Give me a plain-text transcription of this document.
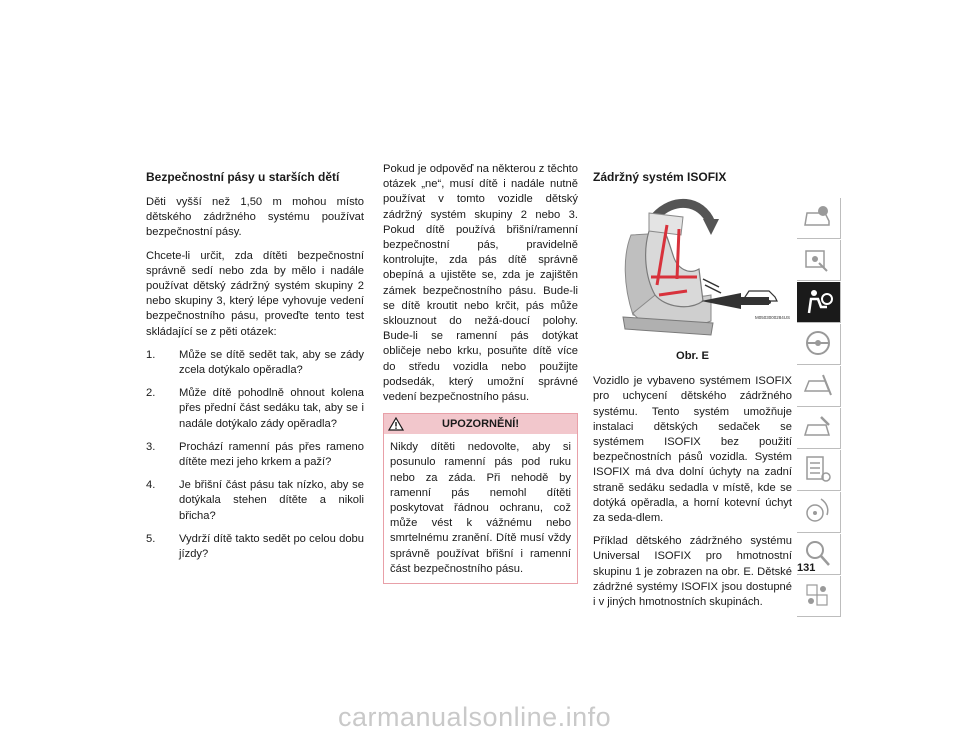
Bezpečnostní pásy u starších dětí

Děti vyšší než 1,50 m mohou místo dětského zádržného systému používat bezpečnostní pásy.

Chcete-li určit, zda dítěti bezpečnostní správně sedí nebo zda by mělo i nadále používat dětský zádržný systém skupiny 2 nebo skupiny 3, který lépe vyhovuje vedení bezpečnostního pásu, proveďte tento test skládající se z pěti otázek:

1. Může se dítě sedět tak, aby se zády zcela dotýkalo opěradla?
2. Může dítě pohodlně ohnout kolena přes přední část sedáku tak, aby se i nadále dotýkalo zády opěradla?
3. Prochází ramenní pás přes rameno dítěte mezi jeho krkem a paží?
4. Je břišní část pásu tak nízko, aby se dotýkala stehen dítěte a nikoli břicha?
5. Vydrží dítě takto sedět po celou dobu jízdy?

Pokud je odpověď na některou z těchto otázek „ne“, musí dítě i nadále nutně používat v tomto vozidle dětský zádržný systém skupiny 2 nebo 3. Pokud dítě používá břišní/ramenní bezpečnostní pás, pravidelně kontrolujte, zda pás dítě správně obepíná a ujistěte se, zda je zajištěn zámek bezpečnostního pásu. Bude-li se dítě kroutit nebo krčit, pás může sklouznout do nežá-doucí polohy. Bude-li se ramenní pás dotýkat obličeje nebo krku, posuňte dítě více do středu vozidla nebo použijte podsedák, který umožní správné vedení bezpečnostního pásu.

UPOZORNĚNÍ!
Nikdy dítěti nedovolte, aby si posunulo ramenní pás pod ruku nebo za záda. Při nehodě by ramenní pás nemohl dítěti poskytovat řádnou ochranu, což může vést k vážnému nebo smrtelnému zranění. Dítě musí vždy správně používat břišní i ramenní část bezpečnostního pásu.
Zádržný systém ISOFIX
M0503000284US
Obr. E

Vozidlo je vybaveno systémem ISOFIX pro uchycení dětského zádržného systému. Tento systém umožňuje instalaci dětských sedaček se systémem ISOFIX bez použití bezpečnostních pásů vozidla. Systém ISOFIX má dva dolní úchyty na zadní straně sedáku sedadla v místě, kde se dotýká opěradla, a horní kotevní úchyt za seda-dlem.

Příklad dětského zádržného systému Universal ISOFIX pro hmotnostní skupinu 1 je zobrazen na obr. E. Dětské zádržné systémy ISOFIX jsou dostupné i v jiných hmotnostních skupinách.

131
carmanualsonline.info
